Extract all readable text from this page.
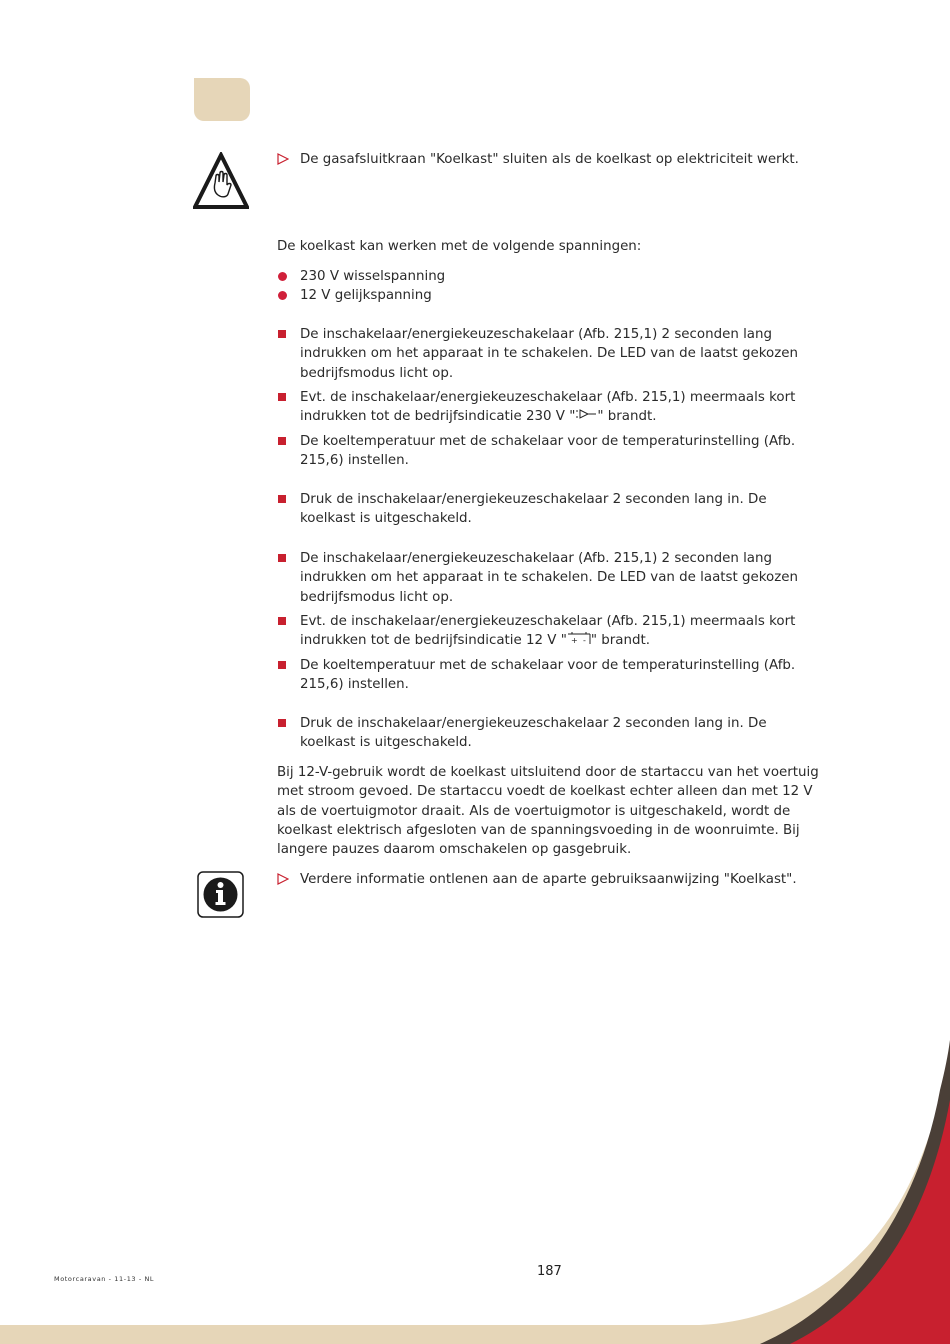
De gasafsluitkraan "Koelkast" sluiten als de koelkast op elektriciteit werkt.
De koelkast kan werken met de volgende spanningen:
230 V wisselspanning
12 V gelijkspanning
De inschakelaar/energiekeuzeschakelaar (Afb. 215,1) 2 seconden lang indrukken om het apparaat in te schakelen. De LED van de laatst gekozen bedrijfsmodus licht op.
Evt. de inschakelaar/energiekeuzeschakelaar (Afb. 215,1) meermaals kort indrukken tot de bedrijfsindicatie 230 V " " brandt.
De koeltemperatuur met de schakelaar voor de temperaturinstelling (Afb. 215,6) instellen.
Druk de inschakelaar/energiekeuzeschakelaar 2 seconden lang in. De koelkast is uitgeschakeld.
De inschakelaar/energiekeuzeschakelaar (Afb. 215,1) 2 seconden lang indrukken om het apparaat in te schakelen. De LED van de laatst gekozen bedrijfsmodus licht op.
Evt. de inschakelaar/energiekeuzeschakelaar (Afb. 215,1) meermaals kort indrukken tot de bedrijfsindicatie 12 V " + - " brandt.
De koeltemperatuur met de schakelaar voor de temperaturinstelling (Afb. 215,6) instellen.
Druk de inschakelaar/energiekeuzeschakelaar 2 seconden lang in. De koelkast is uitgeschakeld.
Bij 12-V-gebruik wordt de koelkast uitsluitend door de startaccu van het voertuig met stroom gevoed. De startaccu voedt de koelkast echter alleen dan met 12 V als de voertuigmotor draait. Als de voertuigmotor is uitgeschakeld, wordt de koelkast elektrisch afgesloten van de spanningsvoeding in de woonruimte. Bij langere pauzes daarom omschakelen op gasgebruik.
Verdere informatie ontlenen aan de aparte gebruiksaanwijzing "Koelkast".
Motorcaravan - 11-13 - NL	187
